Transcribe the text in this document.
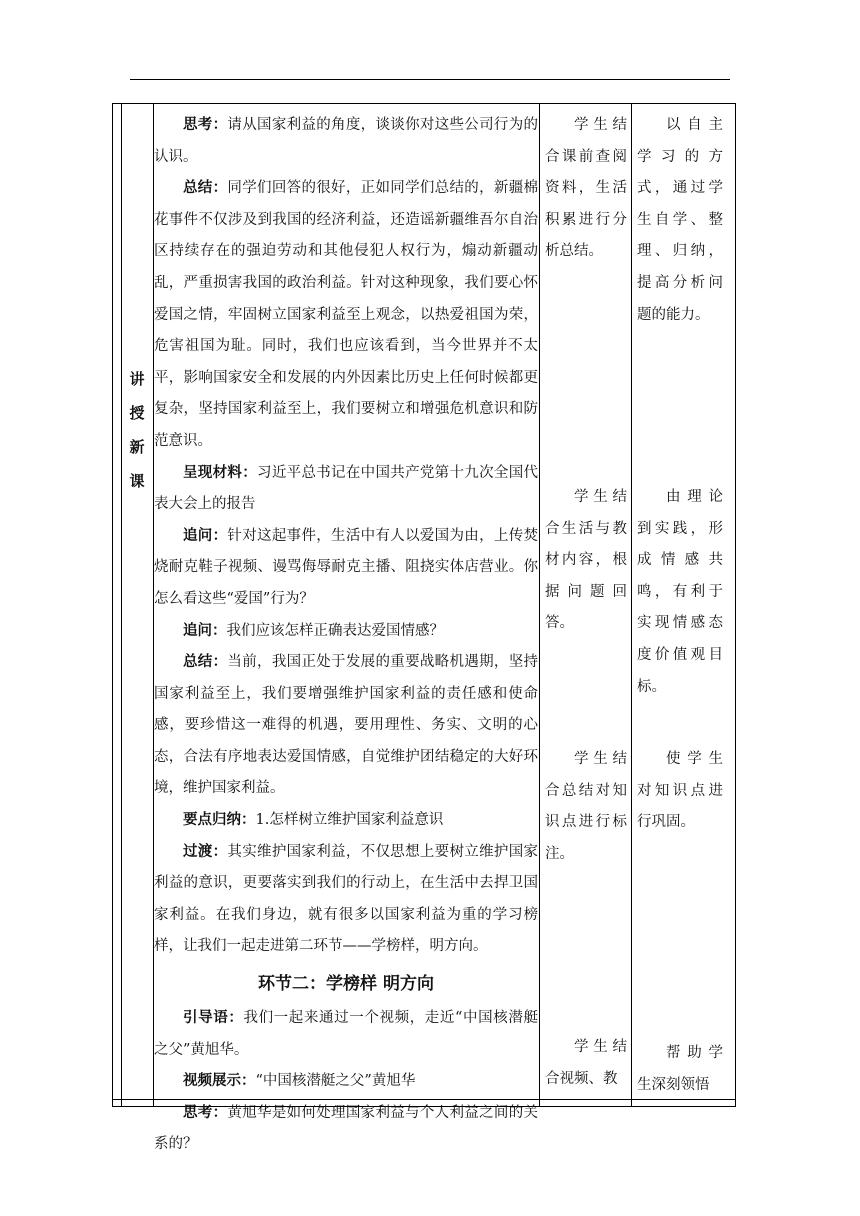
讲
授
新
课

思考：请从国家利益的角度，谈谈你对这些公司行为的认识。

总结：同学们回答的很好，正如同学们总结的，新疆棉花事件不仅涉及到我国的经济利益，还造谣新疆维吾尔自治区持续存在的强迫劳动和其他侵犯人权行为，煽动新疆动乱，严重损害我国的政治利益。针对这种现象，我们要心怀爱国之情，牢固树立国家利益至上观念，以热爱祖国为荣，危害祖国为耻。同时，我们也应该看到，当今世界并不太平，影响国家安全和发展的内外因素比历史上任何时候都更复杂，坚持国家利益至上，我们要树立和增强危机意识和防范意识。

呈现材料：习近平总书记在中国共产党第十九次全国代表大会上的报告

追问：针对这起事件，生活中有人以爱国为由，上传焚烧耐克鞋子视频、谩骂侮辱耐克主播、阻挠实体店营业。你怎么看这些“爱国”行为？

追问：我们应该怎样正确表达爱国情感？

总结：当前，我国正处于发展的重要战略机遇期，坚持国家利益至上，我们要增强维护国家利益的责任感和使命感，要珍惜这一难得的机遇，要用理性、务实、文明的心态，合法有序地表达爱国情感，自觉维护团结稳定的大好环境，维护国家利益。

要点归纳：1.怎样树立维护国家利益意识

过渡：其实维护国家利益，不仅思想上要树立维护国家利益的意识，更要落实到我们的行动上，在生活中去捍卫国家利益。在我们身边，就有很多以国家利益为重的学习榜样，让我们一起走进第二环节——学榜样，明方向。

环节二：学榜样 明方向

引导语：我们一起来通过一个视频，走近“中国核潜艇之父”黄旭华。

视频展示：“中国核潜艇之父”黄旭华

思考：黄旭华是如何处理国家利益与个人利益之间的关系的？

学生结合课前查阅资料，生活积累进行分析总结。

学生结合生活与教材内容，根据问题回答。

学生结合总结对知识点进行标注。

学生结合视频、教

以自主学习的方式，通过学生自学、整理、归纳，提高分析问题的能力。

由理论到实践，形成情感共鸣，有利于实现情感态度价值观目标。

使学生对知识点进行巩固。

帮助学生深刻领悟
